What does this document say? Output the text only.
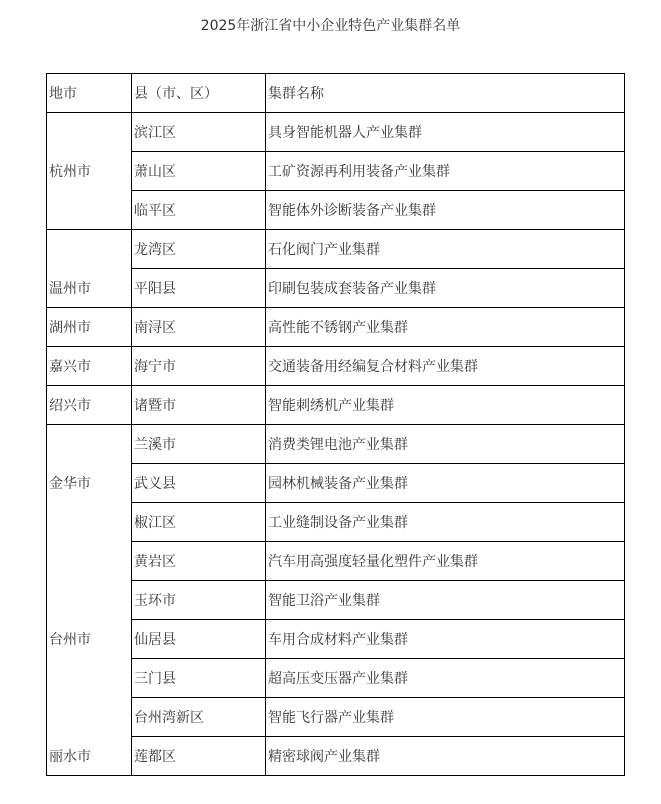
2025年浙江省中小企业特色产业集群名单
地市	县（市、区）	集群名称
	滨江区	具身智能机器人产业集群
杭州市	萧山区	工矿资源再利用装备产业集群
	临平区	智能体外诊断装备产业集群
	龙湾区	石化阀门产业集群
温州市	平阳县	印刷包装成套装备产业集群
湖州市	南浔区	高性能不锈钢产业集群
嘉兴市	海宁市	交通装备用经编复合材料产业集群
绍兴市	诸暨市	智能刺绣机产业集群
	兰溪市	消费类锂电池产业集群
金华市	武义县	园林机械装备产业集群
	椒江区	工业缝制设备产业集群
	黄岩区	汽车用高强度轻量化塑件产业集群
	玉环市	智能卫浴产业集群
台州市	仙居县	车用合成材料产业集群
	三门县	超高压变压器产业集群
	台州湾新区	智能飞行器产业集群
丽水市	莲都区	精密球阀产业集群
